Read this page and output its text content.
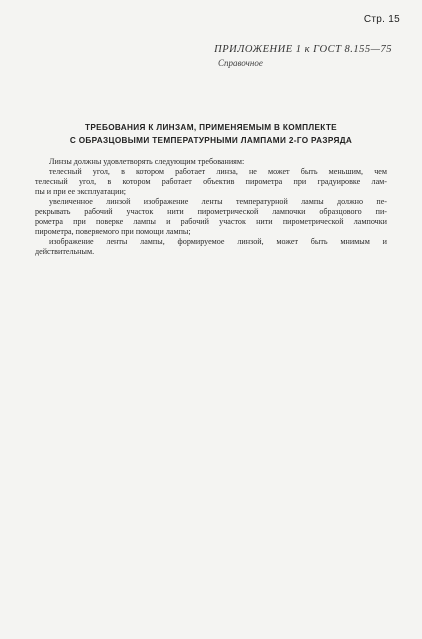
Стр. 15
ПРИЛОЖЕНИЕ 1 к ГОСТ 8.155—75
Справочное
ТРЕБОВАНИЯ К ЛИНЗАМ, ПРИМЕНЯЕМЫМ В КОМПЛЕКТЕ
С ОБРАЗЦОВЫМИ ТЕМПЕРАТУРНЫМИ ЛАМПАМИ 2-ГО РАЗРЯДА
Линзы должны удовлетворять следующим требованиям:
телесный угол, в котором работает линза, не может быть меньшим, чем
телесный угол, в котором работает объектив пирометра при градуировке лам-
пы и при ее эксплуатации;
увеличенное линзой изображение ленты температурной лампы должно пе-
рекрывать рабочий участок нити пирометрической лампочки образцового пи-
рометра при поверке лампы и рабочий участок нити пирометрической лампочки
пирометра, поверяемого при помощи лампы;
изображение ленты лампы, формируемое линзой, может быть мнимым и
действительным.
